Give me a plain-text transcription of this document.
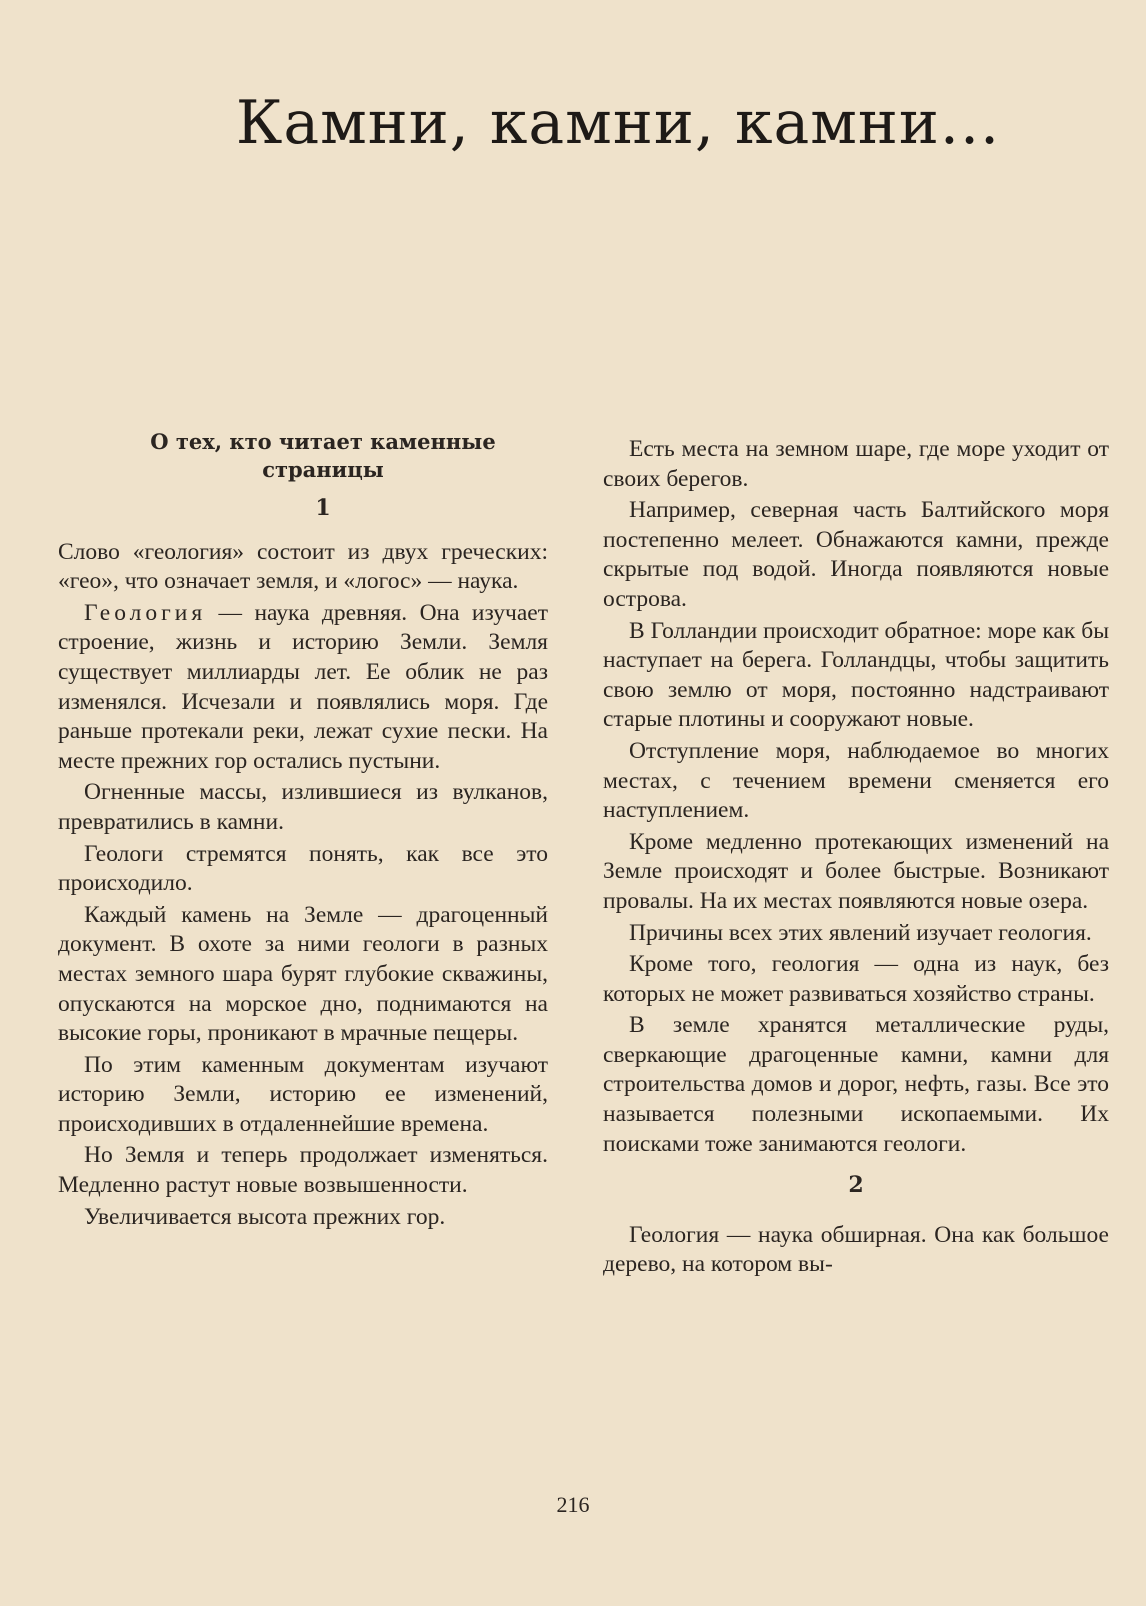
Камни, камни, камни...
О тех, кто читает каменные страницы
1

Слово «геология» состоит из двух греческих: «гео», что означает земля, и «логос» — наука.

Геология — наука древняя. Она изучает строение, жизнь и историю Земли. Земля существует миллиарды лет. Ее облик не раз изменялся. Исчезали и появлялись моря. Где раньше протекали реки, лежат сухие пески. На месте прежних гор остались пустыни.

Огненные массы, излившиеся из вулканов, превратились в камни.

Геологи стремятся понять, как все это происходило.

Каждый камень на Земле — драгоценный документ. В охоте за ними геологи в разных местах земного шара бурят глубокие скважины, опускаются на морское дно, поднимаются на высокие горы, проникают в мрачные пещеры.

По этим каменным документам изучают историю Земли, историю ее изменений, происходивших в отдаленнейшие времена.

Но Земля и теперь продолжает изменяться. Медленно растут новые возвышенности.

Увеличивается высота прежних гор.

Есть места на земном шаре, где море уходит от своих берегов.

Например, северная часть Балтийского моря постепенно мелеет. Обнажаются камни, прежде скрытые под водой. Иногда появляются новые острова.

В Голландии происходит обратное: море как бы наступает на берега. Голландцы, чтобы защитить свою землю от моря, постоянно надстраивают старые плотины и сооружают новые.

Отступление моря, наблюдаемое во многих местах, с течением времени сменяется его наступлением.

Кроме медленно протекающих изменений на Земле происходят и более быстрые. Возникают провалы. На их местах появляются новые озера.

Причины всех этих явлений изучает геология.

Кроме того, геология — одна из наук, без которых не может развиваться хозяйство страны.

В земле хранятся металлические руды, сверкающие драгоценные камни, камни для строительства домов и дорог, нефть, газы. Все это называется полезными ископаемыми. Их поисками тоже занимаются геологи.

2

Геология — наука обширная. Она как большое дерево, на котором вы-

216
